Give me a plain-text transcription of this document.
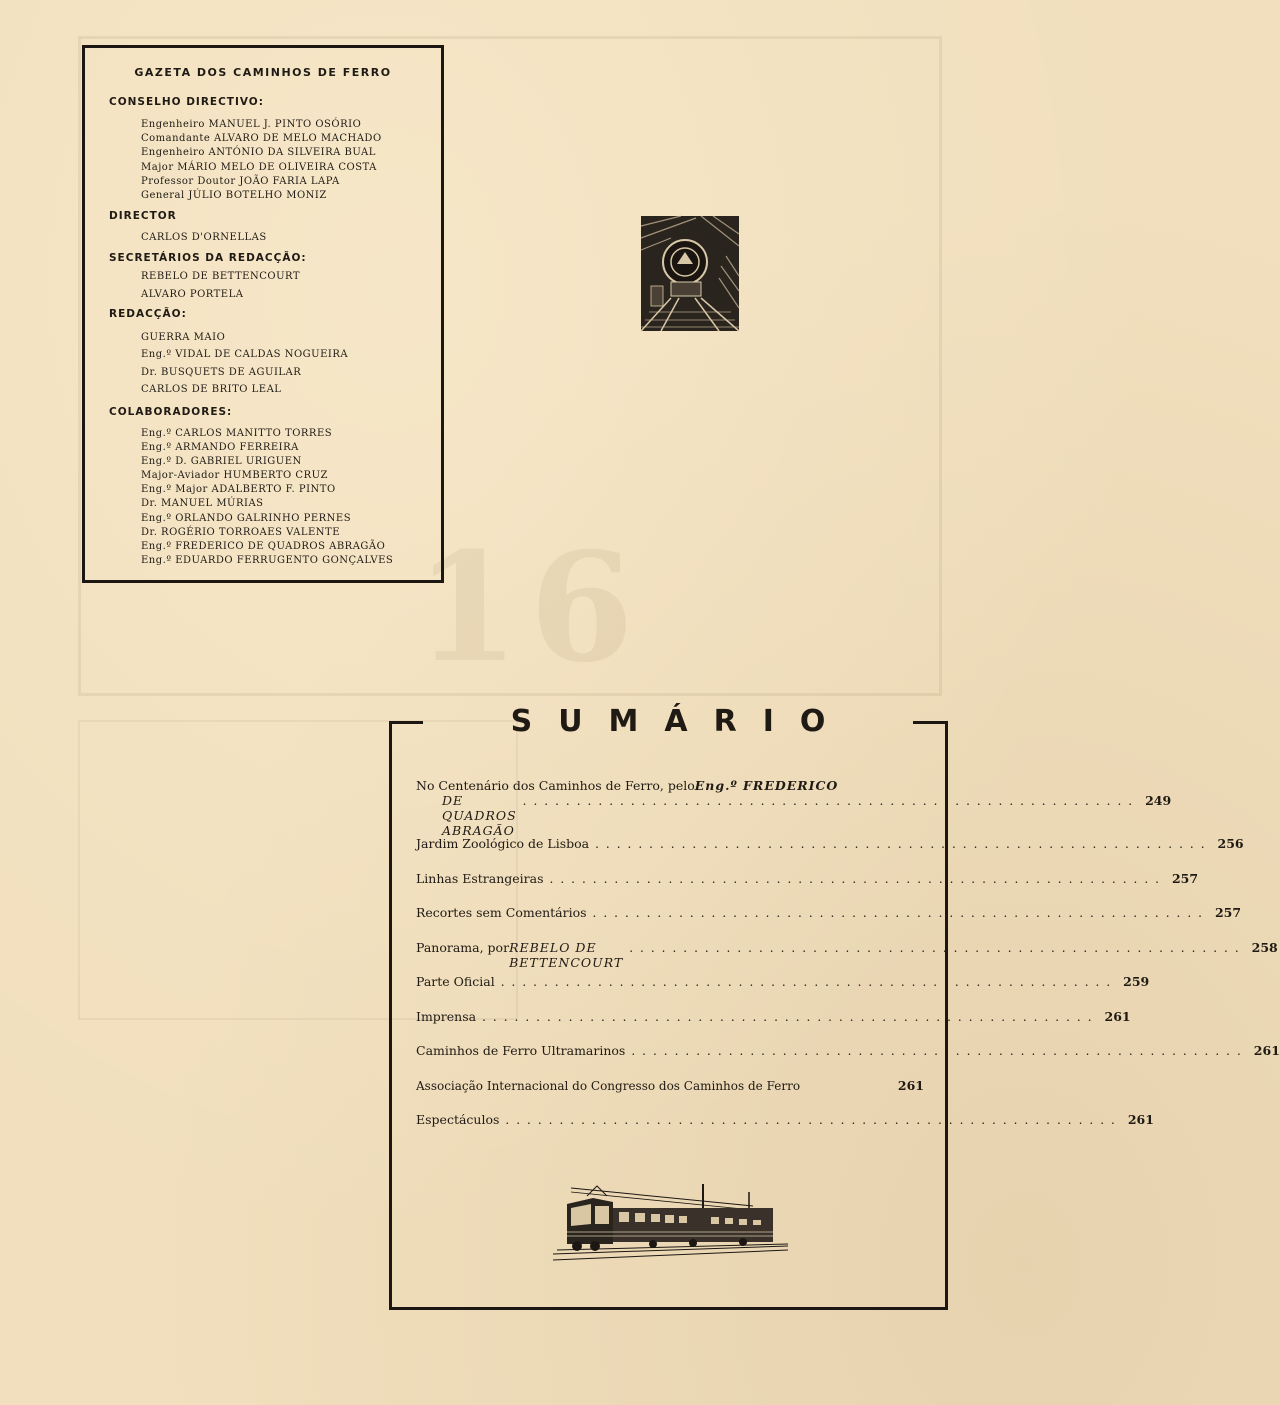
16
GAZETA DOS CAMINHOS DE FERRO
CONSELHO DIRECTIVO:
Engenheiro MANUEL J. PINTO OSÓRIO
Comandante ALVARO DE MELO MACHADO
Engenheiro ANTÓNIO DA SILVEIRA BUAL
Major MÁRIO MELO DE OLIVEIRA COSTA
Professor Doutor JOÃO FARIA LAPA
General JÚLIO BOTELHO MONIZ
DIRECTOR
CARLOS D'ORNELLAS
SECRETÁRIOS DA REDACÇÃO:
REBELO DE BETTENCOURT
ALVARO PORTELA
REDACÇÃO:
GUERRA MAIO
Eng.º VIDAL DE CALDAS NOGUEIRA
Dr. BUSQUETS DE AGUILAR
CARLOS DE BRITO LEAL
COLABORADORES:
Eng.º CARLOS MANITTO TORRES
Eng.º ARMANDO FERREIRA
Eng.º D. GABRIEL URIGUEN
Major-Aviador HUMBERTO CRUZ
Eng.º Major ADALBERTO F. PINTO
Dr. MANUEL MÚRIAS
Eng.º ORLANDO GALRINHO PERNES
Dr. ROGÉRIO TORROAES VALENTE
Eng.º FREDERICO DE QUADROS ABRAGÃO
Eng.º EDUARDO FERRUGENTO GONÇALVES
SUMÁRIO
No Centenário dos Caminhos de Ferro, pelo Eng.º FREDERICO
DE QUADROS ABRAGÃO
......................................................... 249
Jardim Zoológico de Lisboa ......................................................... 256
Linhas Estrangeiras ......................................................... 257
Recortes sem Comentários ......................................................... 257
Panorama, por REBELO DE BETTENCOURT
......................................................... 258
Parte Oficial ......................................................... 259
Imprensa ......................................................... 261
Caminhos de Ferro Ultramarinos ......................................................... 261
Associação Internacional do Congresso dos Caminhos de Ferro	261
Espectáculos ......................................................... 261
